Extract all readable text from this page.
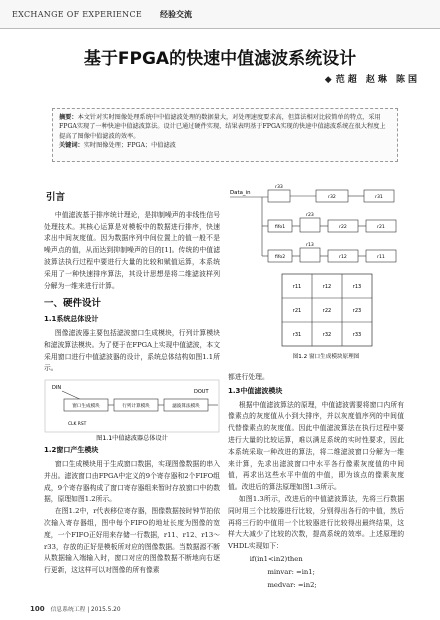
EXCHANGE OF EXPERIENCE 经验交流
基于FPGA的快速中值滤波系统设计
◆ 范超 赵琳 陈国
摘要：本文针对实时图像处理系统中中值滤波处理的数据量大，对处理速度要求高，但算法相对比较简单的特点，采用FPGA实现了一种快速中值滤波算法。设计已通过硬件实现，结果表明基于FPGA实现的快速中值滤波系统在很大程度上提高了图像中值滤波的效率。
关键词：实时图像处理；FPGA；中值滤波
引言

中值滤波基于排序统计理论，是抑制噪声的非线性信号处理技术。其核心运算是对模板中的数据进行排序，快速求出中间灰度值。因为数据序列中间位置上的值一般不是噪声点的值，从而达到抑制噪声的目的[1]。传统的中值滤波算法执行过程中要进行大量的比较和赋值运算，本系统采用了一种快速排序算法，其设计思想是将二维滤波样列分解为一维来进行计算。

一、硬件设计
1.1系统总体设计

图像滤波器主要包括滤波窗口生成模块，行列计算模块和滤波算法模块。为了便于在FPGA上实现中值滤波，本文采用窗口进行中值滤波器的设计，系统总体结构如图1.1所示。

DIN
窗口生成模块	行列计算模块	滤波算法模块
DOUT
CLK RST
图1.1中值滤波器总体设计
1.2窗口产生模块

窗口生成模块用于生成窗口数据，实现图像数据的串入并出。滤波窗口由FPGA中定义的9个寄存器和2个FIFO组成，9个寄存器构成了窗口寄存器组来暂时存放窗口中的数据，原理如图1.2所示。

在图1.2中，r代表移位寄存器，图像数据按时钟节拍依次输入寄存器组，图中每个FIFO的地址长度为图像的宽度，一个FIFO正好用来存储一行数据，r11、r12、r13～r33，存放的正好是模板所对应的图像数据。当数据源不断从数据输入端输入时，窗口对应的图像数据不断地向右逐行更新，这这样可以对图像的所有像素

Data_in
r33
r32	r31
fifo1
r23
r22	r21
fifo2
r13
r12	r11
r11	r12	r13
r21	r22	r23
r31	r32	r33
图1.2 窗口生成模块原理图
都进行处理。
1.3中值滤波模块

根据中值滤波算法的原理，中值滤波需要将窗口内所有像素点的灰度值从小到大排序，并以灰度值序列的中间值代替像素点的灰度值。因此中值滤波算法在执行过程中要进行大量的比较运算，难以满足系统的实时性要求，因此本系统采取一种改进的算法，将二维滤波窗口分解为一维来计算，先求出滤波窗口中水平各行像素灰度值的中间值，再求出这些水平中值的中值，即为该点的像素灰度值。改进后的算法原理如图1.3所示。

如图1.3所示，改进后的中值滤波算法，先将三行数据同时用三个比较器进行比较，分别得出各行的中值，然后再将三行的中值用一个比较器进行比较得出最终结果，这样大大减少了比较的次数，提高系统的效率。上述原理的VHDL实现如下：

if(in1<in2)then
minvar: =in1;
medvar: =in2;
100 信息系统工程 | 2015.5.20
